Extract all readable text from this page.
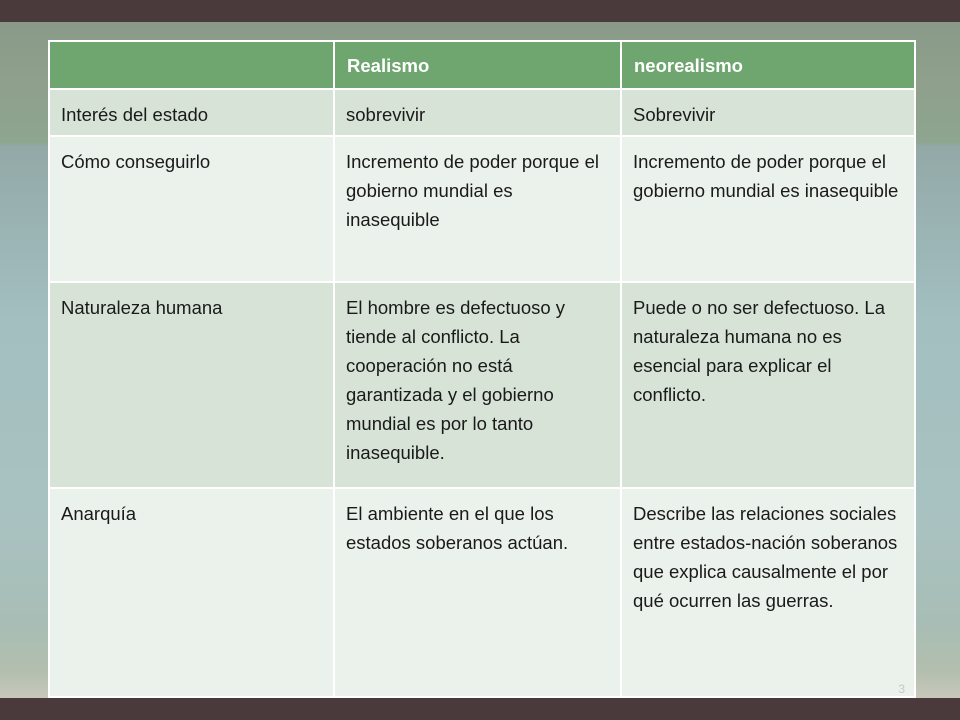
	Realismo	neorealismo
Interés del estado	sobrevivir	Sobrevivir
Cómo conseguirlo	Incremento de poder porque el gobierno mundial es inasequible	Incremento de poder porque el gobierno mundial es inasequible
Naturaleza humana	El hombre es defectuoso y tiende al conflicto. La cooperación no está garantizada y el gobierno mundial es por lo tanto inasequible.	Puede o no ser defectuoso. La naturaleza humana no es esencial para explicar el conflicto.
Anarquía	El ambiente en el que los estados soberanos actúan.	Describe las relaciones sociales entre estados-nación soberanos que explica causalmente el por qué ocurren las guerras.
3
